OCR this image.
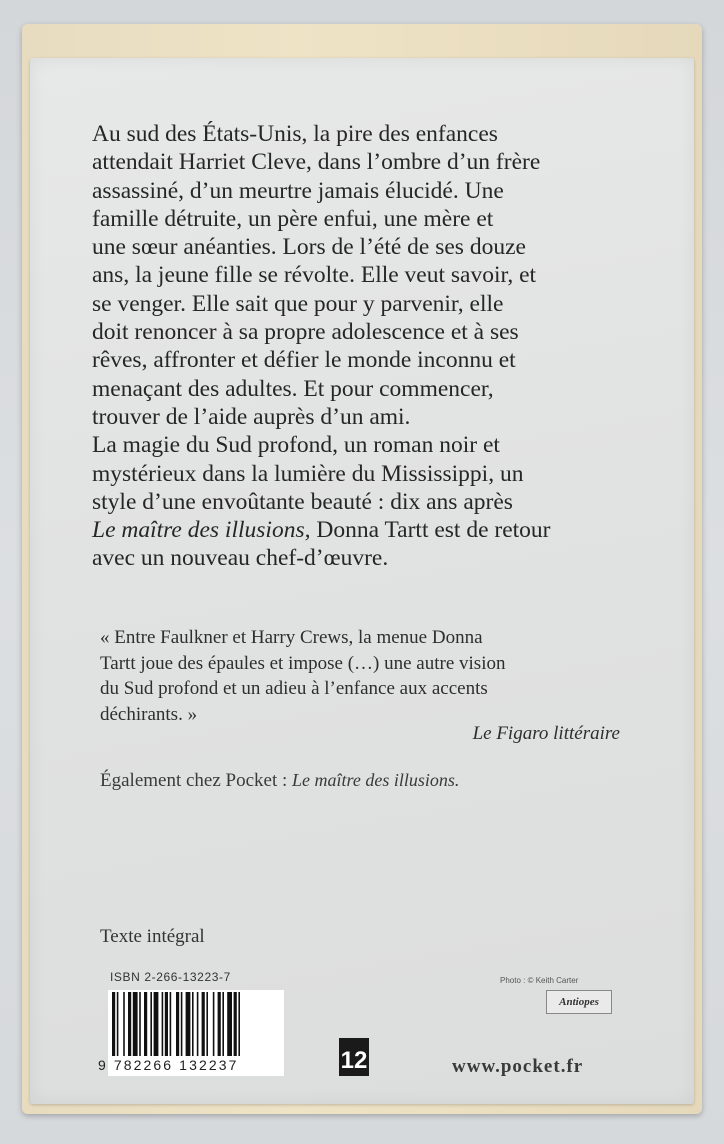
Au sud des États-Unis, la pire des enfances

attendait Harriet Cleve, dans l’ombre d’un frère

assassiné, d’un meurtre jamais élucidé. Une

famille détruite, un père enfui, une mère et

une sœur anéanties. Lors de l’été de ses douze

ans, la jeune fille se révolte. Elle veut savoir, et

se venger. Elle sait que pour y parvenir, elle

doit renoncer à sa propre adolescence et à ses

rêves, affronter et défier le monde inconnu et

menaçant des adultes. Et pour commencer,

trouver de l’aide auprès d’un ami.

La magie du Sud profond, un roman noir et

mystérieux dans la lumière du Mississippi, un

style d’une envoûtante beauté : dix ans après

Le maître des illusions, Donna Tartt est de retour

avec un nouveau chef-d’œuvre.

« Entre Faulkner et Harry Crews, la menue Donna

Tartt joue des épaules et impose (…) une autre vision

du Sud profond et un adieu à l’enfance aux accents

déchirants. »

Le Figaro littéraire
Également chez Pocket : Le maître des illusions.
Texte intégral
ISBN 2-266-13223-7
9 782266 132237	12
Photo : © Keith Carter
Antiopes
www.pocket.fr
